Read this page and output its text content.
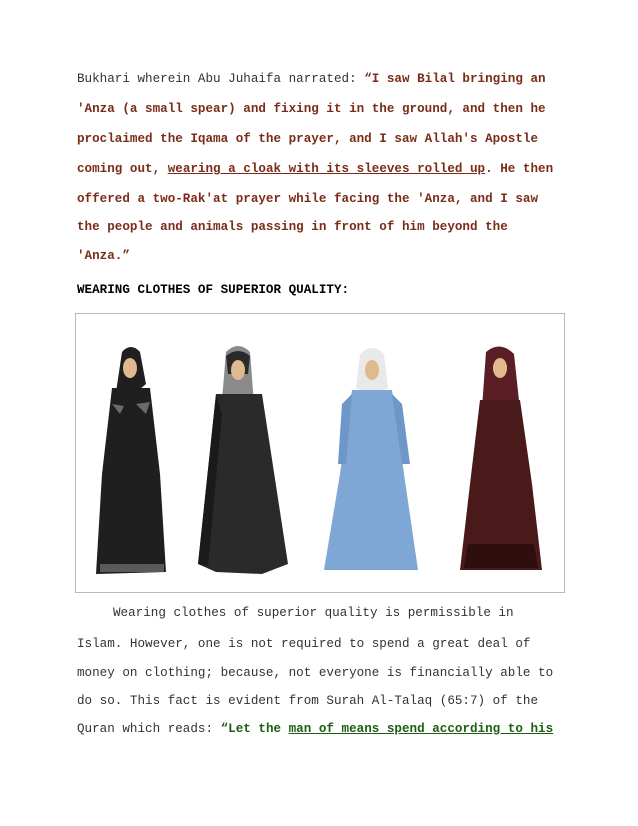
Bukhari wherein Abu Juhaifa narrated: “I saw Bilal bringing an
'Anza (a small spear) and fixing it in the ground, and then he
proclaimed the Iqama of the prayer, and I saw Allah's Apostle
coming out, wearing a cloak with its sleeves rolled up. He then
offered a two-Rak'at prayer while facing the 'Anza, and I saw
the people and animals passing in front of him beyond the
'Anza.”
WEARING CLOTHES OF SUPERIOR QUALITY:
Wearing clothes of superior quality is permissible in
Islam. However, one is not required to spend a great deal of
money on clothing; because, not everyone is financially able to
do so. This fact is evident from Surah Al-Talaq (65:7) of the
Quran which reads: “Let the man of means spend according to his
